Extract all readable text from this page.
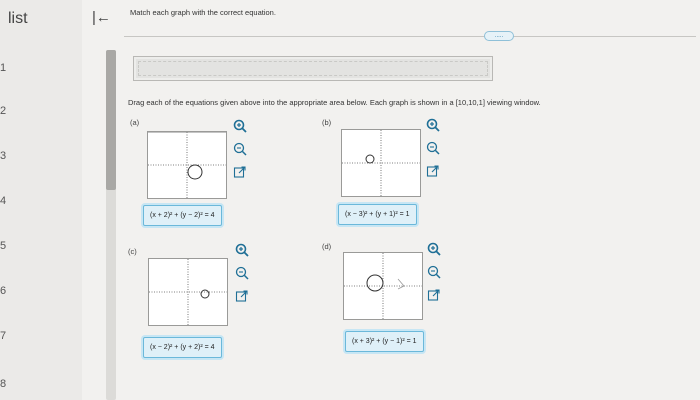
list
1
2
3
4
5
6
7
8
|←	Match each graph with the correct equation.
.....
Drag each of the equations given above into the appropriate area below. Each graph is shown in a [10,10,1] viewing window.
(a)
(x + 2)² + (y − 2)² = 4
(b)
(x − 3)² + (y + 1)² = 1
(c)
(x − 2)² + (y + 2)² = 4
(d)
(x + 3)² + (y − 1)² = 1
